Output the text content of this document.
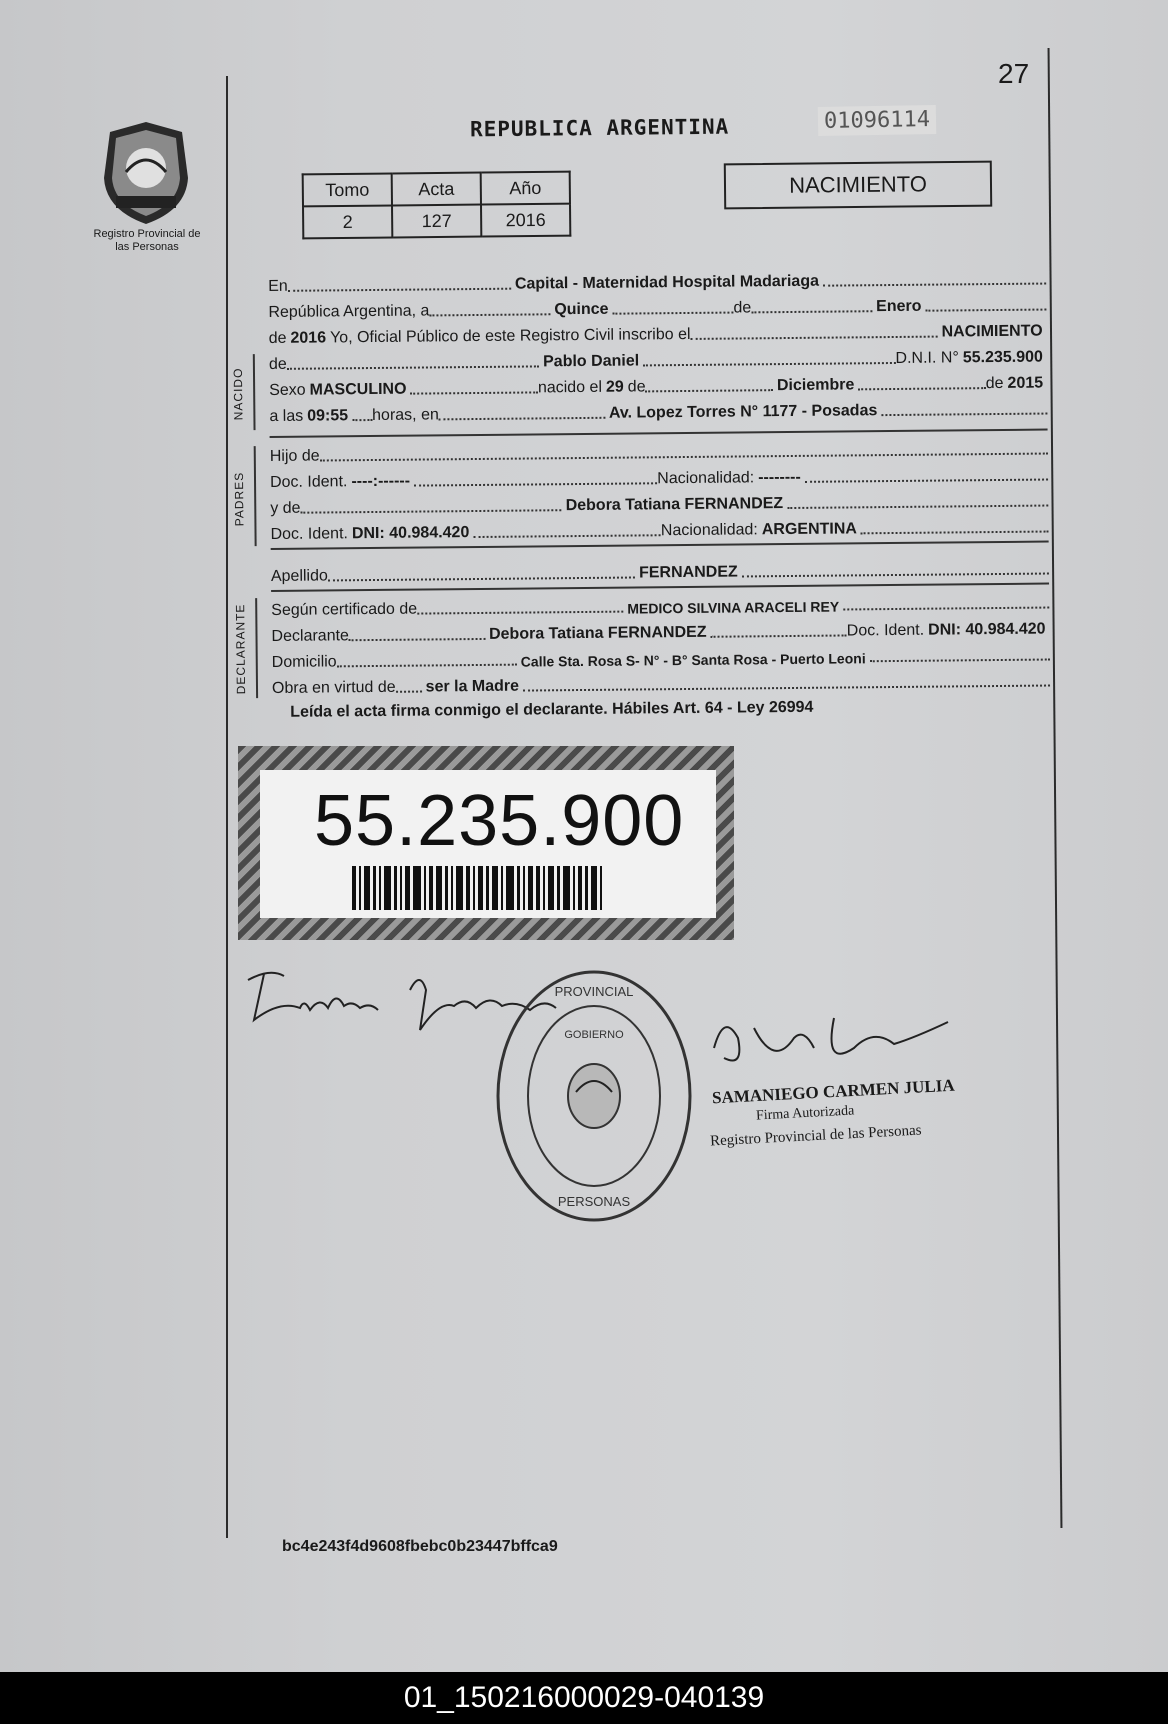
27
Registro Provincial de las Personas
REPUBLICA ARGENTINA	01096114
Tomo	Acta	Año
2	127	2016
NACIMIENTO
En	Capital - Maternidad Hospital Madariaga
República Argentina, a	Quince	de	Enero
de 2016 Yo, Oficial Público de este Registro Civil inscribo el	NACIMIENTO
NACIDO
de	Pablo Daniel	D.N.I. N° 55.235.900
Sexo MASCULINO	nacido el 29 de	Diciembre	de 2015
a las 09:55 horas, en	Av. Lopez Torres N° 1177 - Posadas
PADRES
Hijo de
Doc. Ident. ----:------	Nacionalidad: --------
y de	Debora Tatiana FERNANDEZ
Doc. Ident. DNI: 40.984.420	Nacionalidad: ARGENTINA
Apellido	FERNANDEZ
DECLARANTE Según certificado de	MEDICO SILVINA ARACELI REY
Declarante	Debora Tatiana FERNANDEZ	Doc. Ident. DNI: 40.984.420
Domicilio	Calle Sta. Rosa S- N° - B° Santa Rosa - Puerto Leoni
Obra en virtud de ser la Madre
Leída el acta firma conmigo el declarante. Hábiles Art. 64 - Ley 26994
55.235.900
PROVINCIAL
PERSONAS
GOBIERNO
SAMANIEGO CARMEN JULIA
Firma Autorizada
Registro Provincial de las Personas
bc4e243f4d9608fbebc0b23447bffca9
01_150216000029-040139
